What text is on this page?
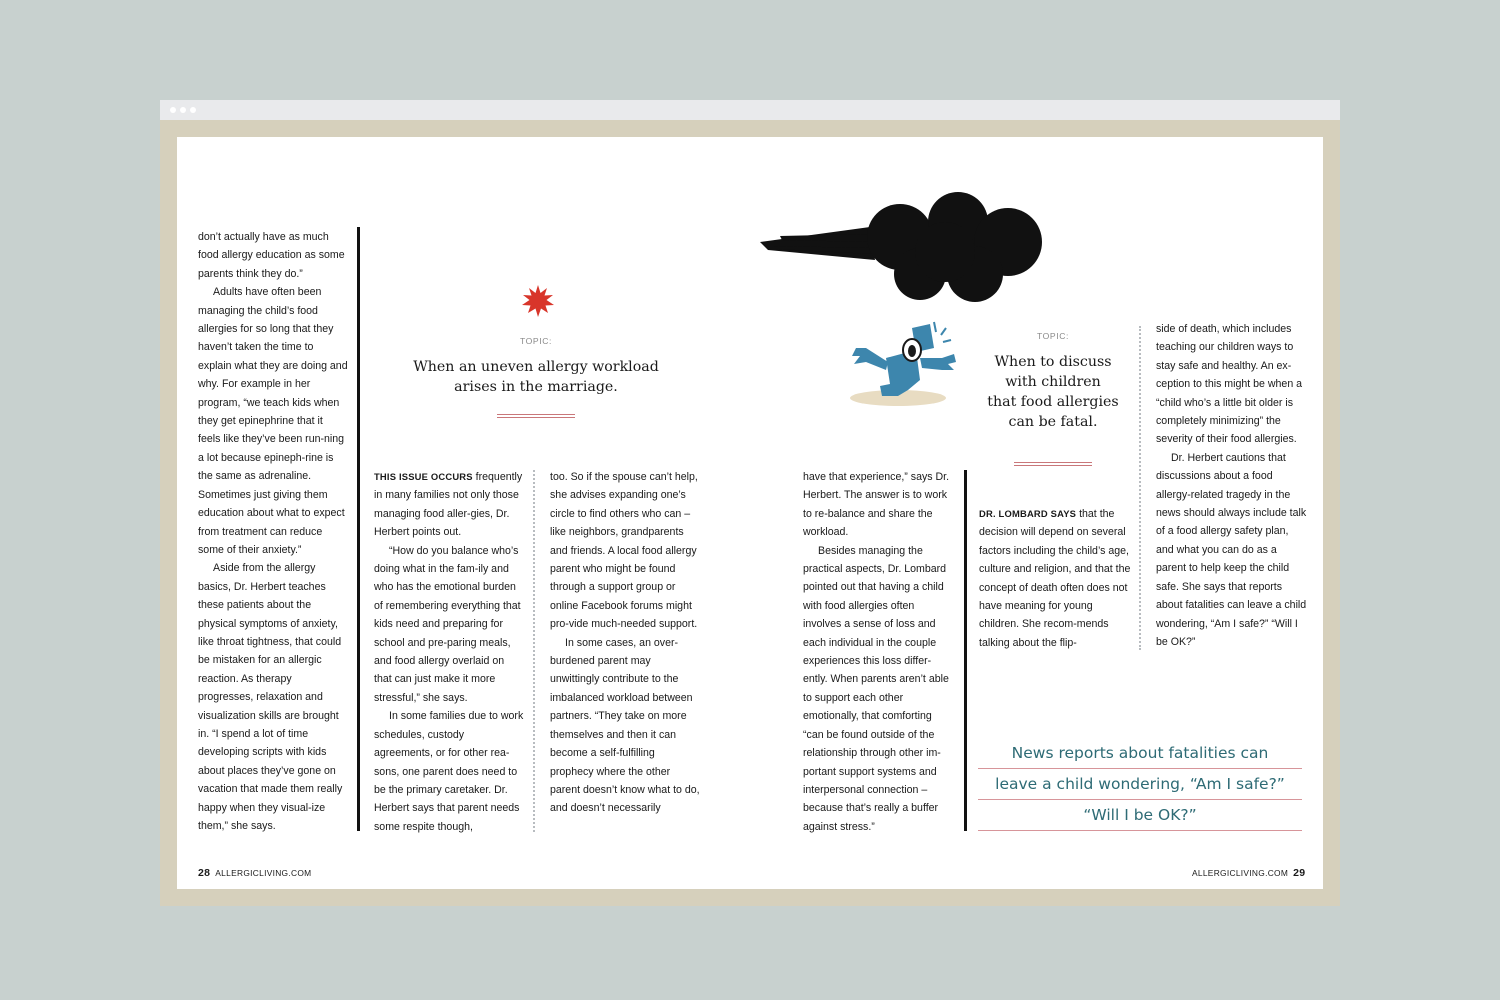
don’t actually have as much food allergy education as some parents think they do.”

Adults have often been managing the child’s food allergies for so long that they haven’t taken the time to explain what they are doing and why. For example in her program, “we teach kids when they get epinephrine that it feels like they’ve been run-ning a lot because epineph-rine is the same as adrenaline. Sometimes just giving them education about what to expect from treatment can reduce some of their anxiety.”

Aside from the allergy basics, Dr. Herbert teaches these patients about the physical symptoms of anxiety, like throat tightness, that could be mistaken for an allergic reaction. As therapy progresses, relaxation and visualization skills are brought in. “I spend a lot of time developing scripts with kids about places they’ve gone on vacation that made them really happy when they visual-ize them,” she says.

TOPIC:
When an uneven allergy workload
arises in the marriage.

THIS ISSUE OCCURS frequently in many families not only those managing food aller-gies, Dr. Herbert points out.

“How do you balance who’s doing what in the fam-ily and who has the emotional burden of remembering everything that kids need and preparing for school and pre-paring meals, and food allergy overlaid on that can just make it more stressful,” she says.

In some families due to work schedules, custody agreements, or for other rea-sons, one parent does need to be the primary caretaker. Dr. Herbert says that parent needs some respite though,

too. So if the spouse can’t help, she advises expanding one’s circle to find others who can – like neighbors, grandparents and friends. A local food allergy parent who might be found through a support group or online Facebook forums might pro-vide much-needed support.

In some cases, an over-burdened parent may unwittingly contribute to the imbalanced workload between partners. “They take on more themselves and then it can become a self-fulfilling prophecy where the other parent doesn’t know what to do, and doesn’t necessarily

28 ALLERGICLIVING.COM
TOPIC:
When to discuss
with children
that food allergies
can be fatal.

have that experience,” says Dr. Herbert. The answer is to work to re-balance and share the workload.

Besides managing the practical aspects, Dr. Lombard pointed out that having a child with food allergies often involves a sense of loss and each individual in the couple experiences this loss differ-ently. When parents aren’t able to support each other emotionally, that comforting “can be found outside of the relationship through other im-portant support systems and interpersonal connection – because that’s really a buffer against stress.”

DR. LOMBARD SAYS that the decision will depend on several factors including the child’s age, culture and religion, and that the concept of death often does not have meaning for young children. She recom-mends talking about the flip-

side of death, which includes teaching our children ways to stay safe and healthy. An ex-ception to this might be when a “child who’s a little bit older is completely minimizing” the severity of their food allergies.

Dr. Herbert cautions that discussions about a food allergy-related tragedy in the news should always include talk of a food allergy safety plan, and what you can do as a parent to help keep the child safe. She says that reports about fatalities can leave a child wondering, “Am I safe?” “Will I be OK?”

News reports about fatalities can
leave a child wondering, “Am I safe?”
“Will I be OK?”
ALLERGICLIVING.COM 29
